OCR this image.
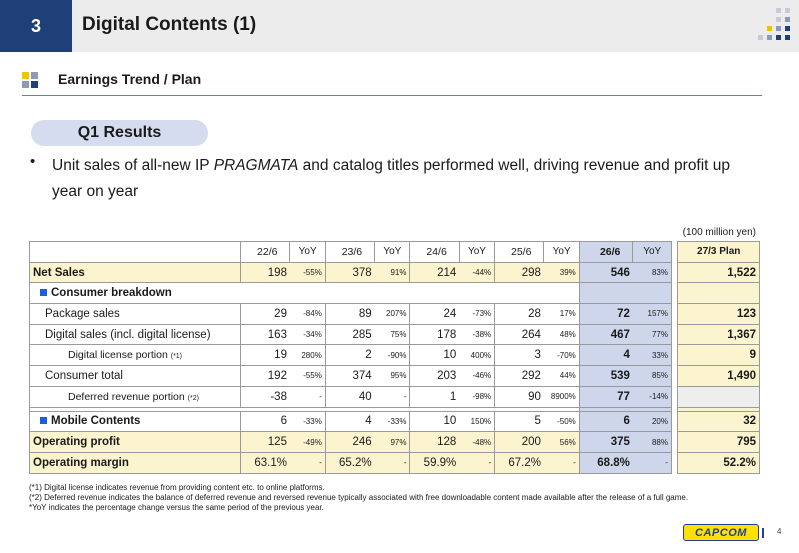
3	Digital Contents (1)
Earnings Trend / Plan
Q1 Results
• Unit sales of all-new IP PRAGMATA and catalog titles performed well, driving revenue and profit up year on year
(100 million yen)
	22/6	YoY	23/6	YoY	24/6	YoY	25/6	YoY	26/6	YoY		27/3 Plan
Net Sales	198	-55%	378	91%	214	-44%	298	39%	546	83%		1,522
Consumer breakdown												
Package sales	29	-84%	89	207%	24	-73%	28	17%	72	157%		123
Digital sales (incl. digital license)	163	-34%	285	75%	178	-38%	264	48%	467	77%		1,367
Digital license portion (*1)	19	280%	2	-90%	10	400%	3	-70%	4	33%		9
Consumer total	192	-55%	374	95%	203	-46%	292	44%	539	85%		1,490
Deferred revenue portion (*2)	-38	-	40	-	1	-98%	90	8900%	77	-14%		

Mobile Contents	6	-33%	4	-33%	10	150%	5	-50%	6	20%		32
Operating profit	125	-49%	246	97%	128	-48%	200	56%	375	88%		795
Operating margin	63.1%	-	65.2%	-	59.9%	-	67.2%	-	68.8%	-		52.2%
(*1) Digital license indicates revenue from providing content etc. to online platforms.
(*2) Deferred revenue indicates the balance of deferred revenue and reversed revenue typically associated with free downloadable content made available after the release of a full game.
*YoY indicates the percentage change versus the same period of the previous year.
CAPCOM	4
